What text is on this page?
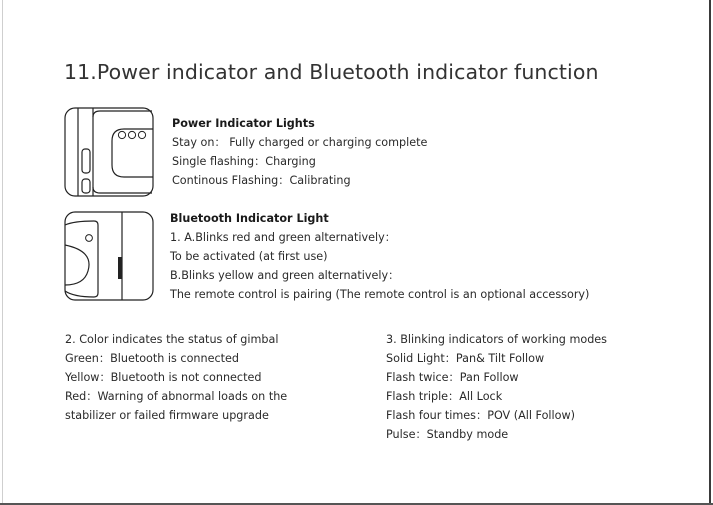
11.Power indicator and Bluetooth indicator function
Power Indicator Lights
Stay on： Fully charged or charging complete
Single flashing：Charging
Continous Flashing：Calibrating
Bluetooth Indicator Light
1. A.Blinks red and green alternatively：
To be activated (at first use)
B.Blinks yellow and green alternatively：
The remote control is pairing (The remote control is an optional accessory)
2. Color indicates the status of gimbal
Green：Bluetooth is connected
Yellow：Bluetooth is not connected
Red：Warning of abnormal loads on the
stabilizer or failed firmware upgrade
3. Blinking indicators of working modes
Solid Light：Pan& Tilt Follow
Flash twice：Pan Follow
Flash triple：All Lock
Flash four times：POV (All Follow)
Pulse：Standby mode
